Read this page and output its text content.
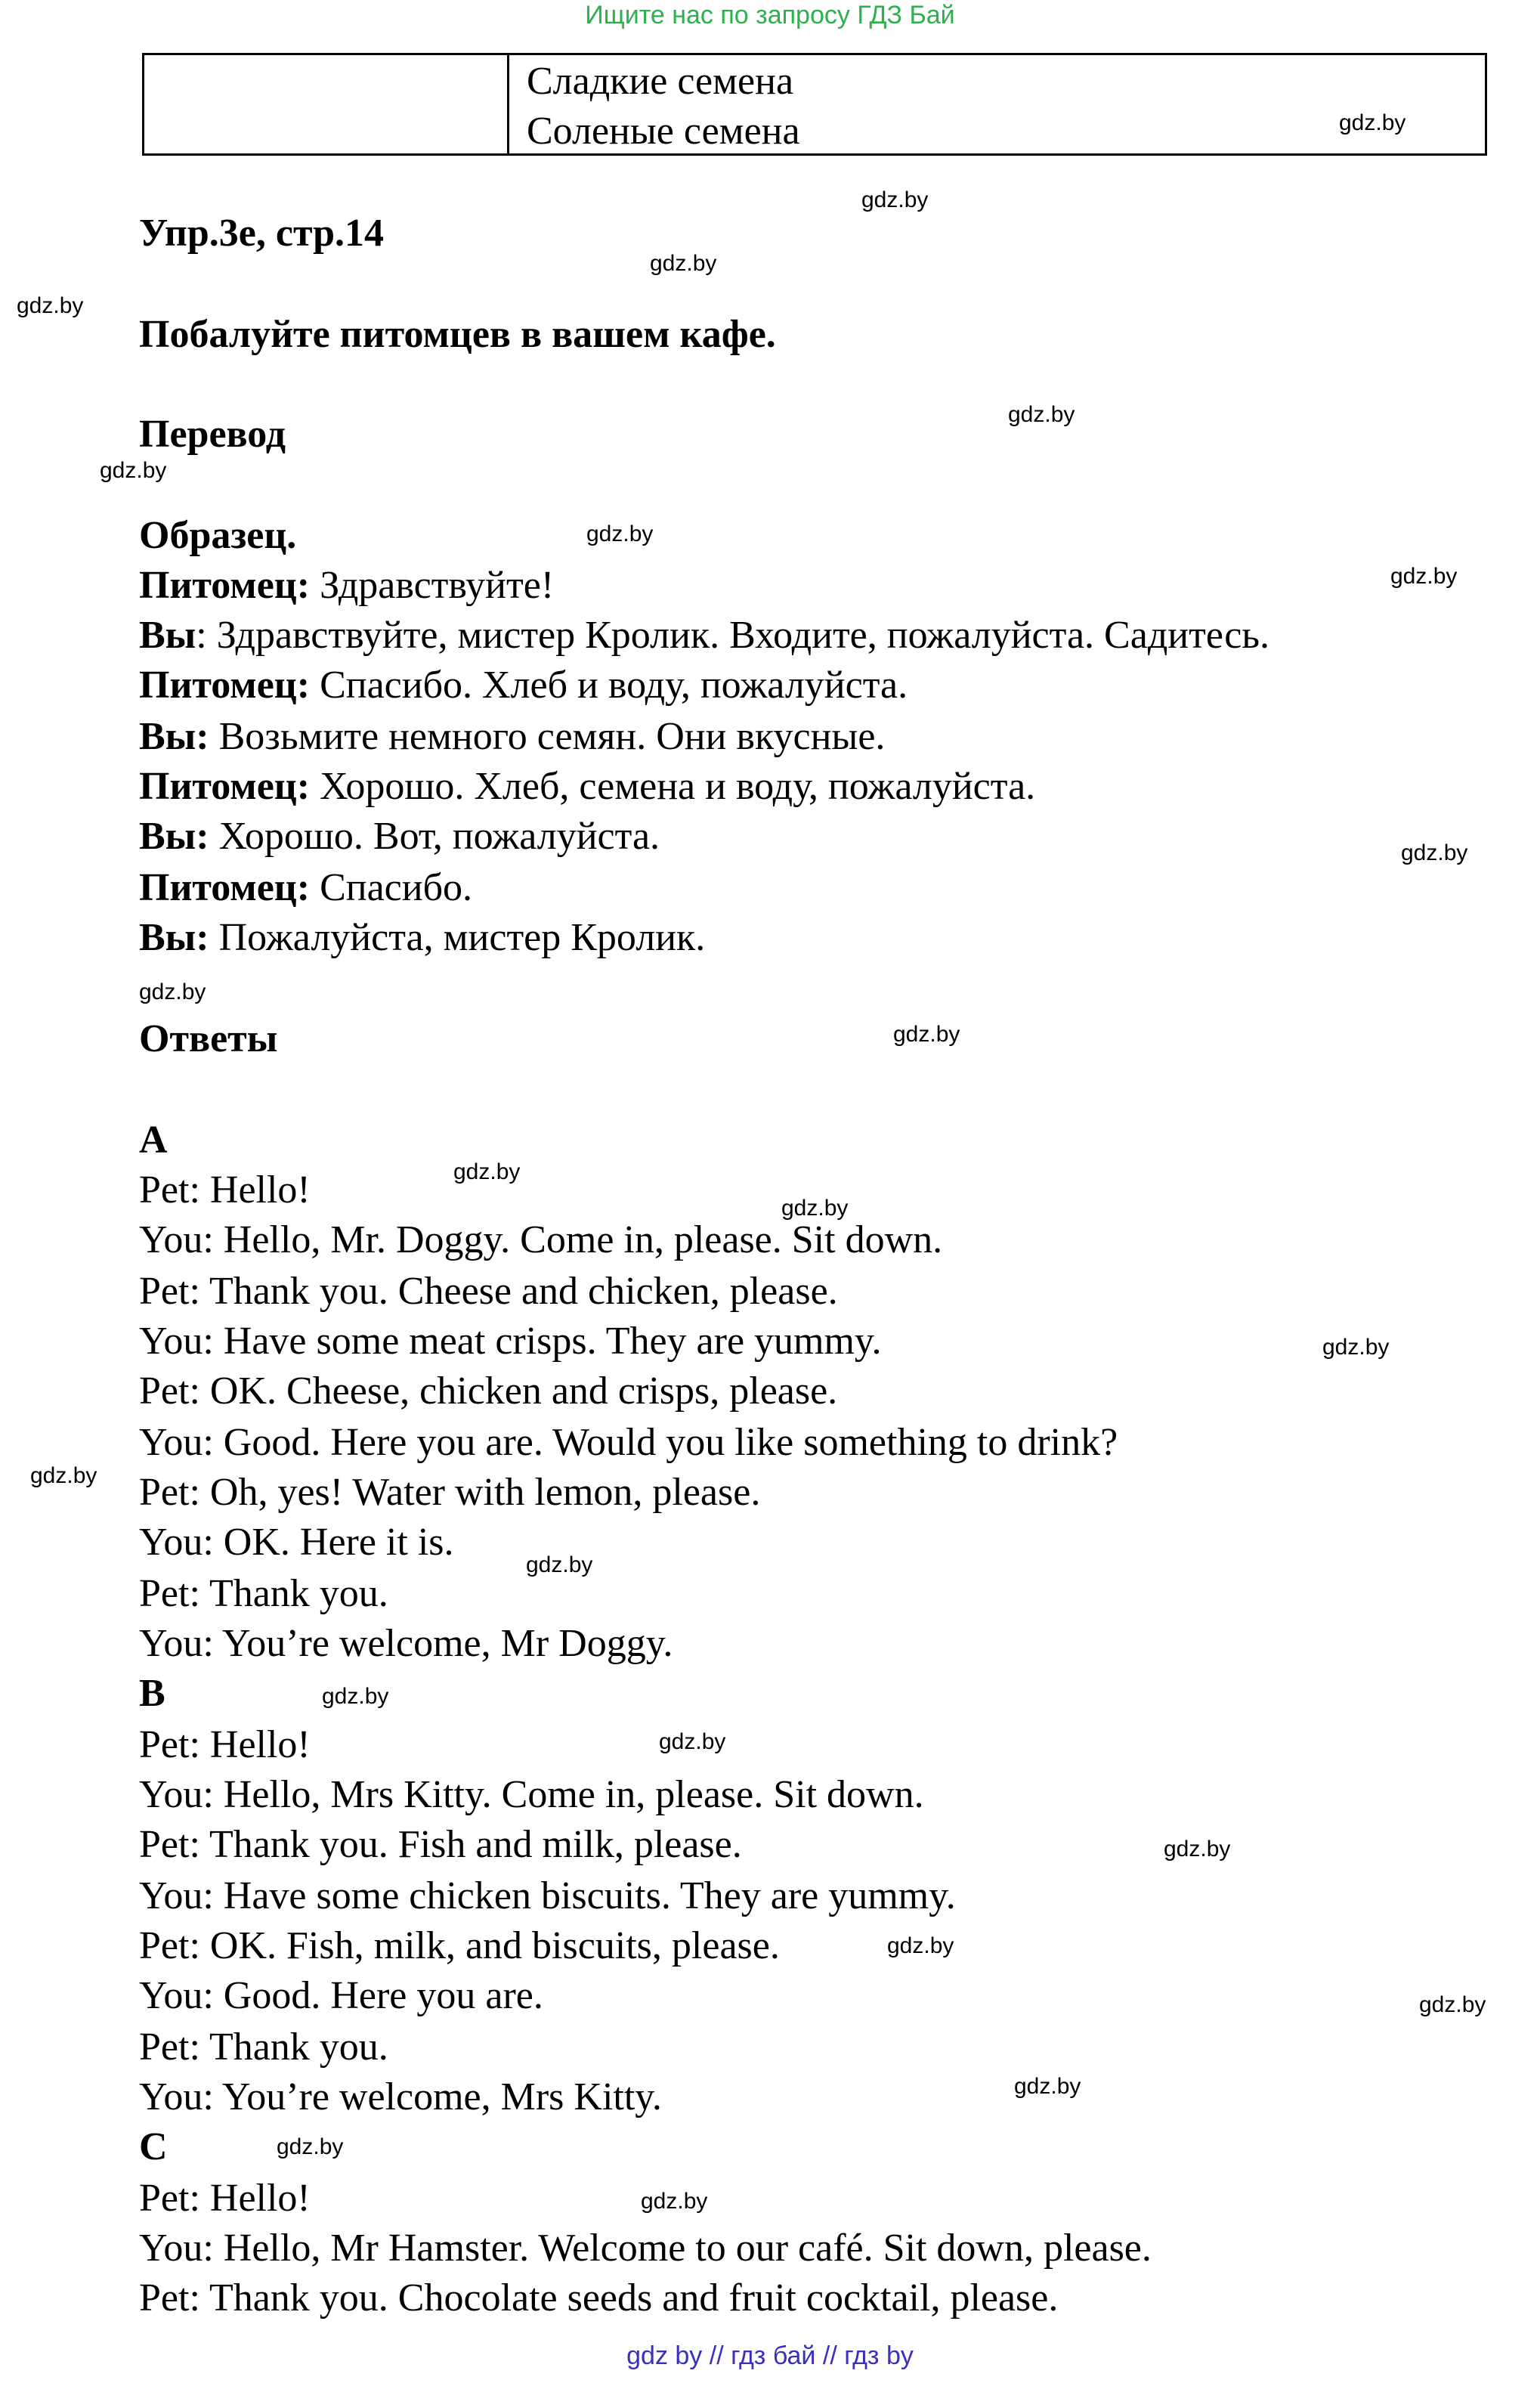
Ищите нас по запросу ГДЗ Бай
Сладкие семена
Соленые семена	gdz.by
gdz.by
gdz.by
gdz.by
gdz.by
gdz.by
gdz.by
gdz.by
gdz.by
gdz.by
gdz.by
gdz.by
gdz.by
gdz.by
gdz.by
gdz.by
gdz.by
gdz.by
gdz.by
gdz.by
gdz.by
gdz.by
gdz.by
gdz.by
Упр.3е, стр.14
Побалуйте питомцев в вашем кафе.
Перевод
Образец.
Питомец: Здравствуйте!
Вы: Здравствуйте, мистер Кролик. Входите, пожалуйста. Садитесь.
Питомец: Спасибо. Хлеб и воду, пожалуйста.
Вы: Возьмите немного семян. Они вкусные.
Питомец: Хорошо. Хлеб, семена и воду, пожалуйста.
Вы: Хорошо. Вот, пожалуйста.
Питомец: Спасибо.
Вы: Пожалуйста, мистер Кролик.
Ответы
A
Pet: Hello!
You: Hello, Mr. Doggy. Come in, please. Sit down.
Pet: Thank you. Cheese and chicken, please.
You: Have some meat crisps. They are yummy.
Pet: OK. Cheese, chicken and crisps, please.
You: Good. Here you are. Would you like something to drink?
Pet: Oh, yes! Water with lemon, please.
You: OK. Here it is.
Pet: Thank you.
You: You’re welcome, Mr Doggy.
B
Pet: Hello!
You: Hello, Mrs Kitty. Come in, please. Sit down.
Pet: Thank you. Fish and milk, please.
You: Have some chicken biscuits. They are yummy.
Pet: OK. Fish, milk, and biscuits, please.
You: Good. Here you are.
Pet: Thank you.
You: You’re welcome, Mrs Kitty.
C
Pet: Hello!
You: Hello, Mr Hamster. Welcome to our café. Sit down, please.
Pet: Thank you. Chocolate seeds and fruit cocktail, please.
gdz by // гдз бай // гдз by
